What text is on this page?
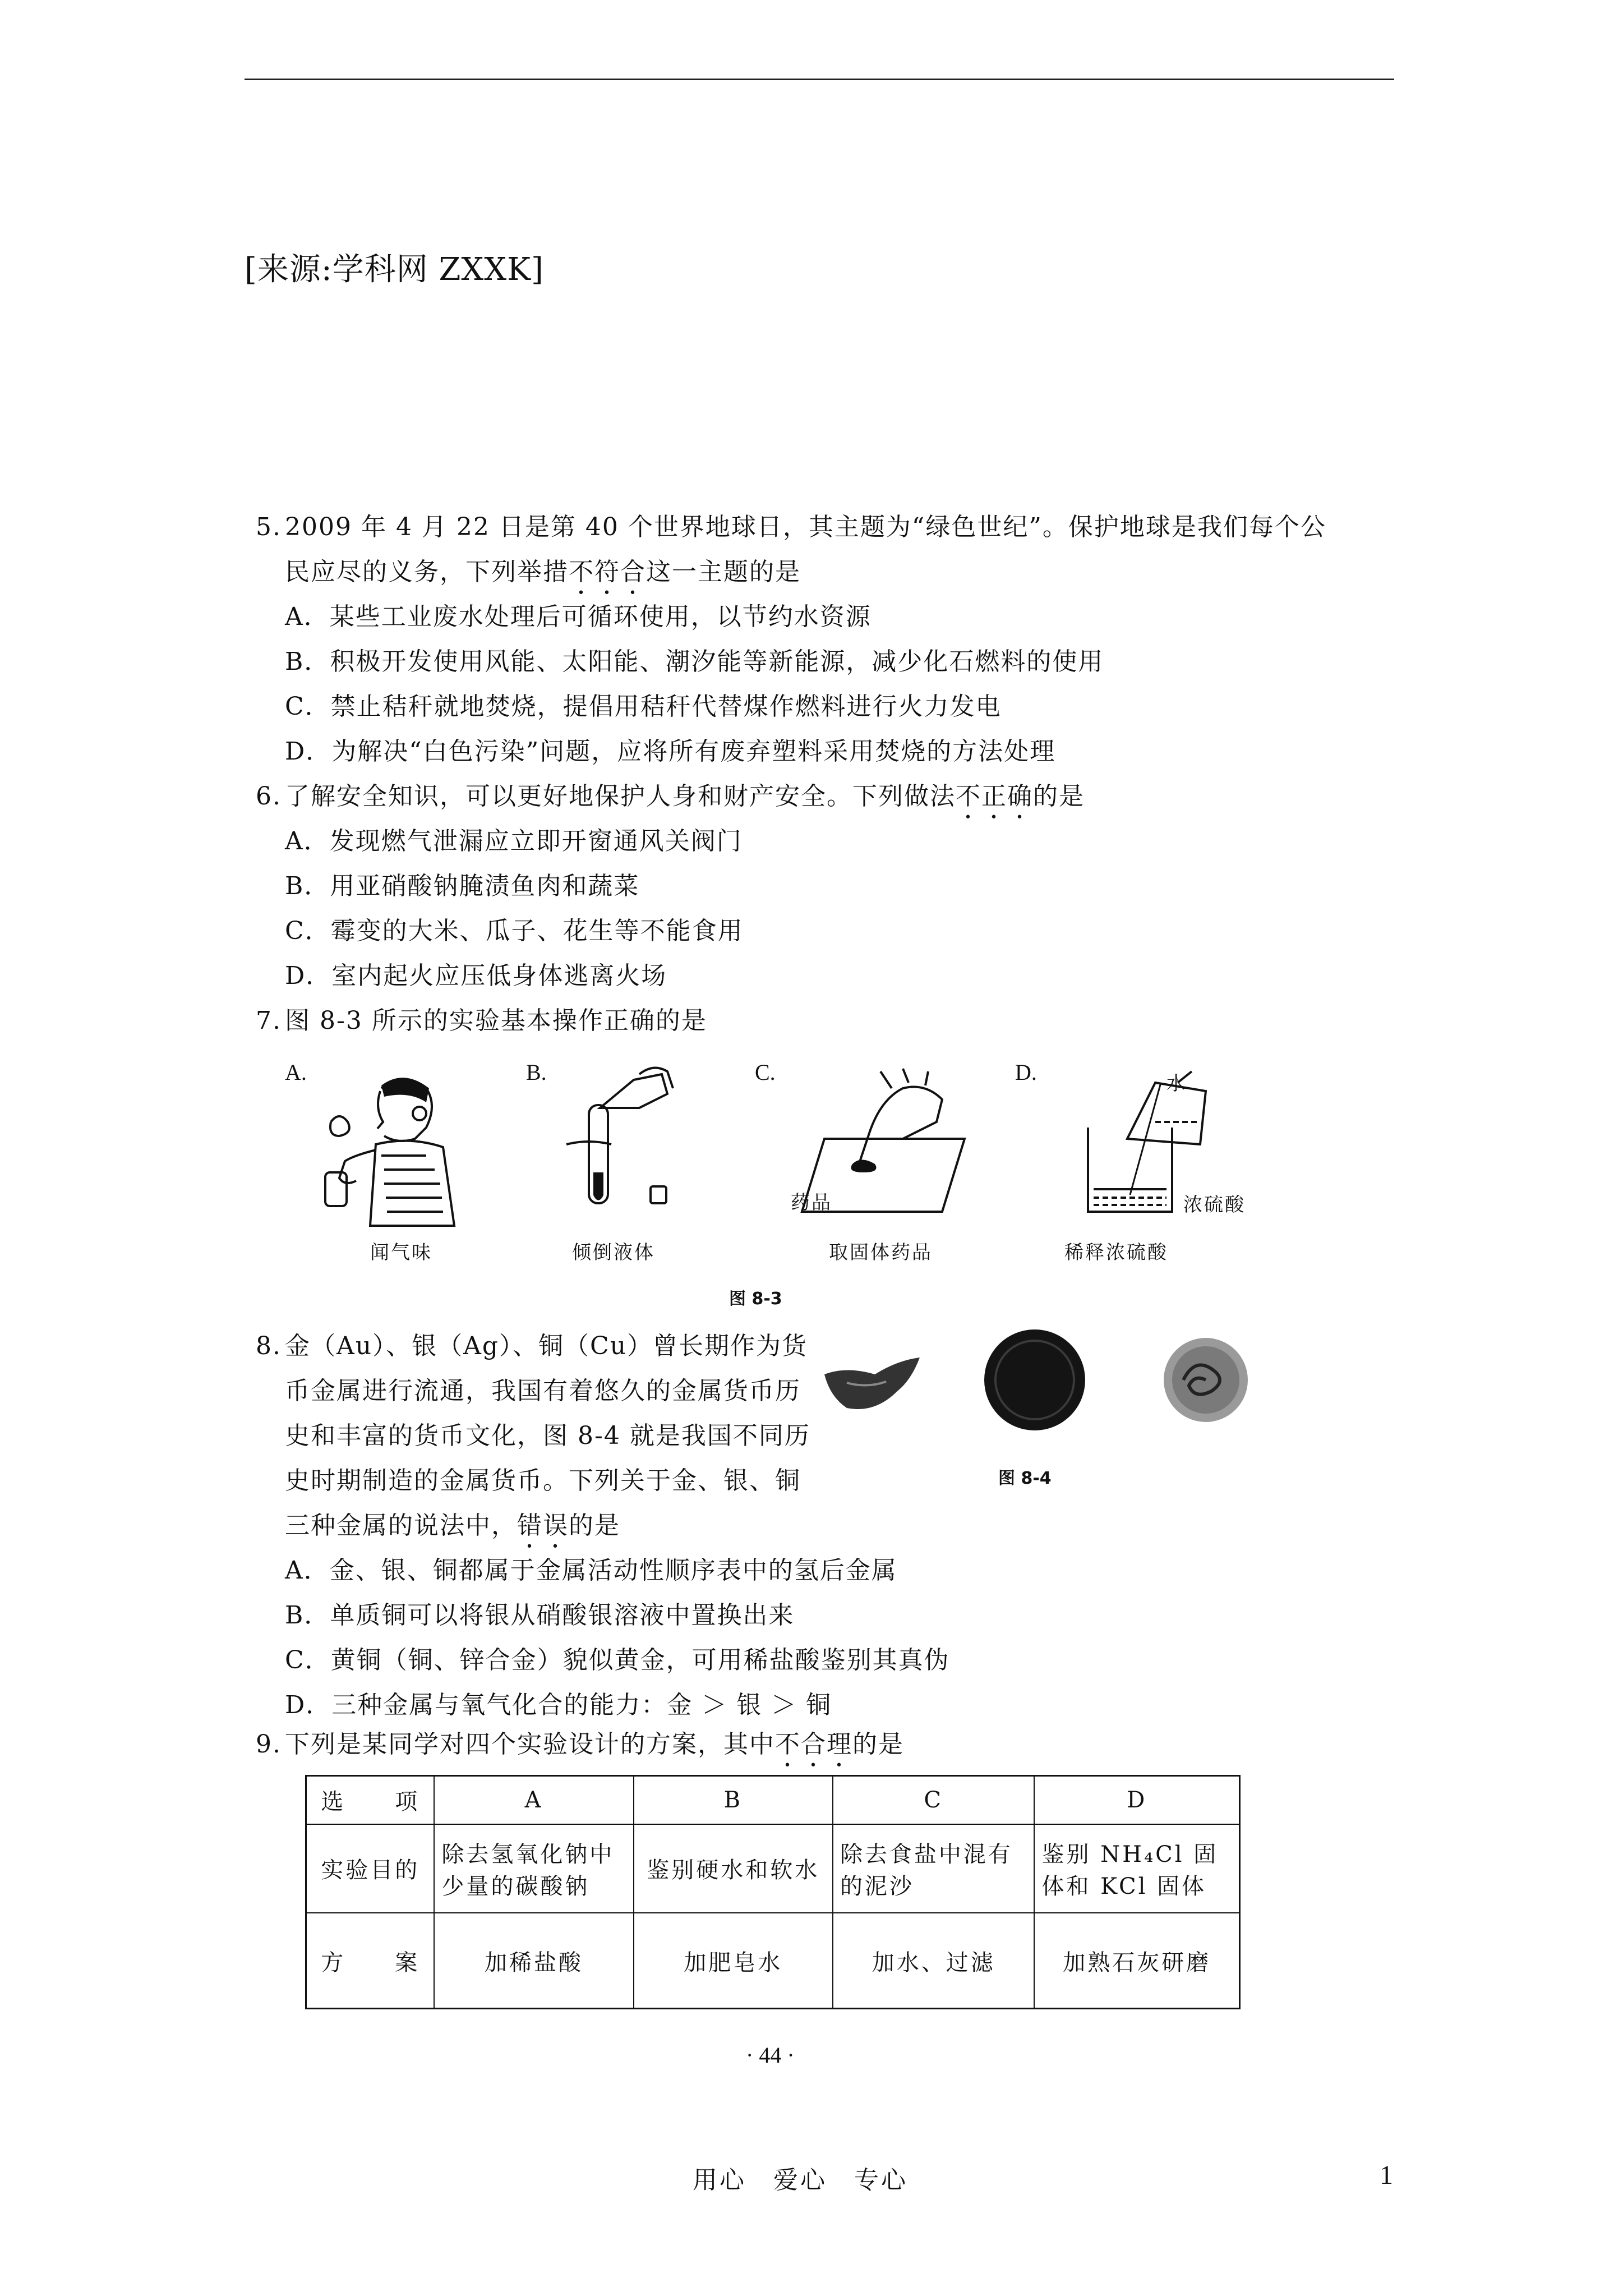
[来源:学科网 ZXXK]
5. 2009 年 4 月 22 日是第 40 个世界地球日，其主题为“绿色世纪”。保护地球是我们每个公
民应尽的义务，下列举措不符合这一主题的是
A．某些工业废水处理后可循环使用，以节约水资源
B．积极开发使用风能、太阳能、潮汐能等新能源，减少化石燃料的使用
C．禁止秸秆就地焚烧，提倡用秸秆代替煤作燃料进行火力发电
D．为解决“白色污染”问题，应将所有废弃塑料采用焚烧的方法处理
6. 了解安全知识，可以更好地保护人身和财产安全。下列做法不正确的是
A．发现燃气泄漏应立即开窗通风关阀门
B．用亚硝酸钠腌渍鱼肉和蔬菜
C．霉变的大米、瓜子、花生等不能食用
D．室内起火应压低身体逃离火场
7. 图 8-3 所示的实验基本操作正确的是
A.	B.	C.	D.
药品
水
浓硫酸
闻气味	倾倒液体	取固体药品	稀释浓硫酸
图 8-3
8. 金（Au）、银（Ag）、铜（Cu）曾长期作为货
币金属进行流通，我国有着悠久的金属货币历
史和丰富的货币文化，图 8-4 就是我国不同历
史时期制造的金属货币。下列关于金、银、铜
三种金属的说法中，错误的是
图 8-4
A．金、银、铜都属于金属活动性顺序表中的氢后金属
B．单质铜可以将银从硝酸银溶液中置换出来
C．黄铜（铜、锌合金）貌似黄金，可用稀盐酸鉴别其真伪
D．三种金属与氧气化合的能力：金 ＞ 银 ＞ 铜
9. 下列是某同学对四个实验设计的方案，其中不合理的是
选　　项	A	B	C	D
实验目的	除去氢氧化钠中少量的碳酸钠	鉴别硬水和软水	除去食盐中混有的泥沙	鉴别 NH₄Cl 固体和 KCl 固体
方　　案	加稀盐酸	加肥皂水	加水、过滤	加熟石灰研磨
· 44 ·
用心　爱心　专心	1
